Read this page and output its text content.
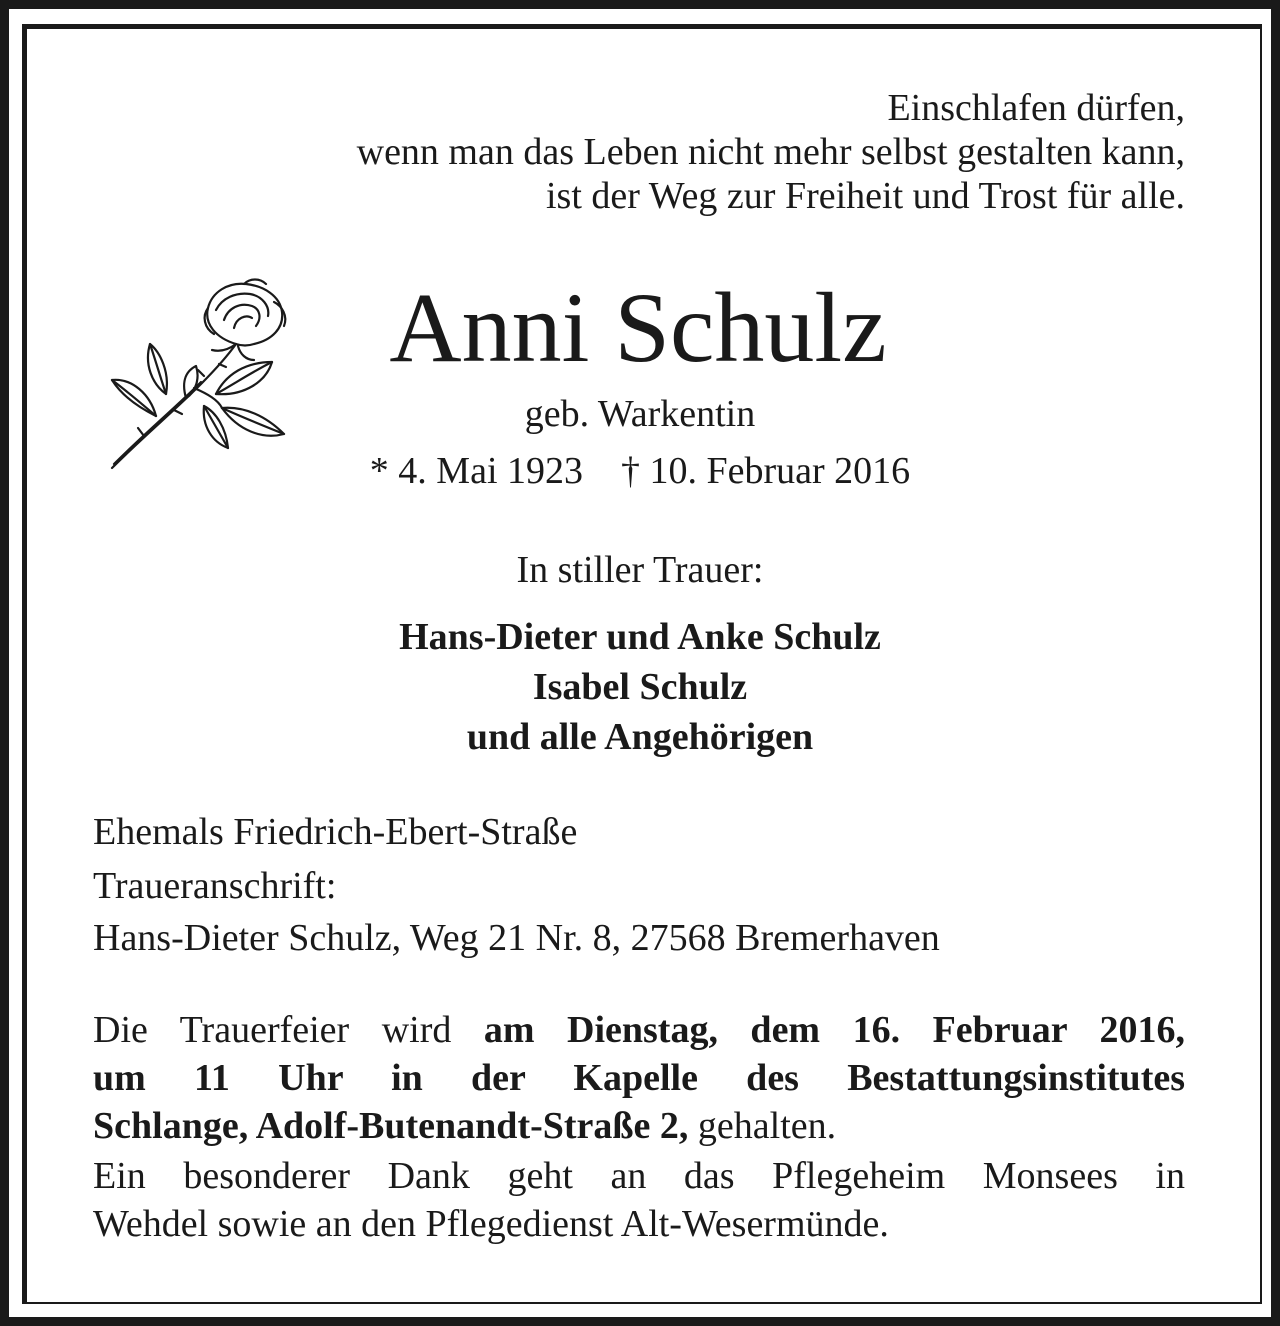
Einschlafen dürfen,
wenn man das Leben nicht mehr selbst gestalten kann,
ist der Weg zur Freiheit und Trost für alle.
Anni Schulz
geb. Warkentin
* 4. Mai 1923    † 10. Februar 2016
In stiller Trauer:
Hans-Dieter und Anke Schulz
Isabel Schulz
und alle Angehörigen
Ehemals Friedrich-Ebert-Straße
Traueranschrift:
Hans-Dieter Schulz, Weg 21 Nr. 8, 27568 Bremerhaven
Die Trauerfeier wird am Dienstag, dem 16. Februar 2016,
um 11 Uhr in der Kapelle des Bestattungsinstitutes
Schlange, Adolf-Butenandt-Straße 2, gehalten.
Ein besonderer Dank geht an das Pflegeheim Monsees in
Wehdel sowie an den Pflegedienst Alt-Wesermünde.
